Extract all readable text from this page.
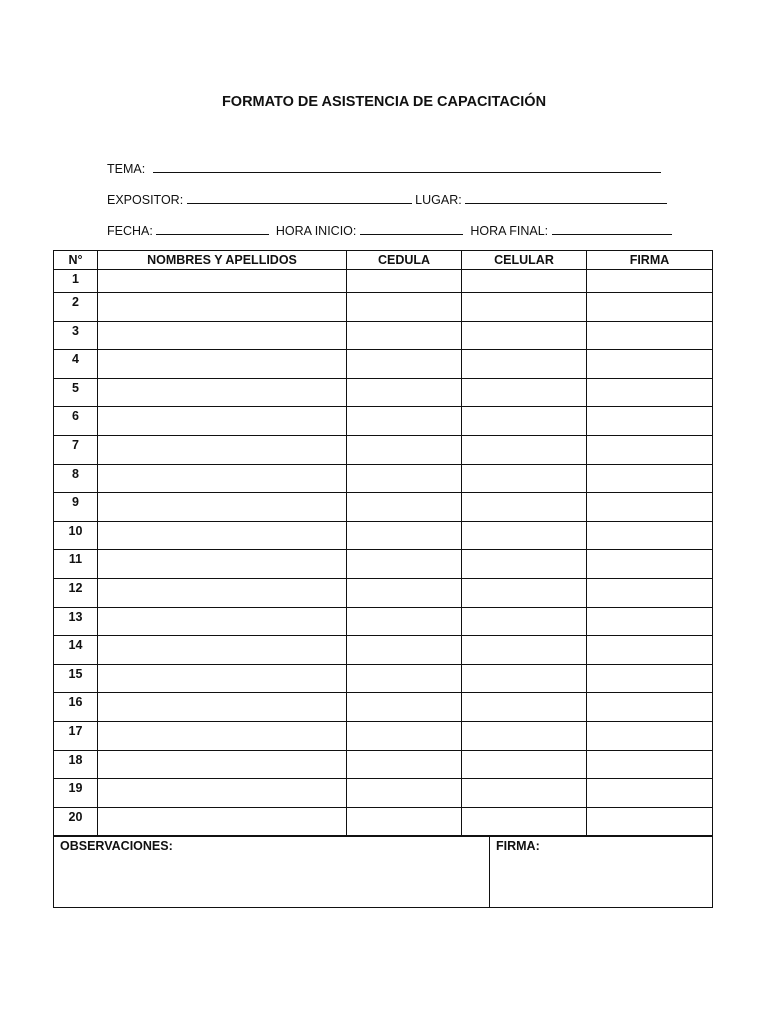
FORMATO DE ASISTENCIA DE CAPACITACIÓN
TEMA:
EXPOSITOR:	LUGAR:
FECHA:	HORA INICIO:	HORA FINAL:
N°	NOMBRES Y APELLIDOS	CEDULA	CELULAR	FIRMA
1				
2				
3				
4				
5				
6				
7				
8				
9				
10				
11				
12				
13				
14				
15				
16				
17				
18				
19				
20				
OBSERVACIONES:	FIRMA:
